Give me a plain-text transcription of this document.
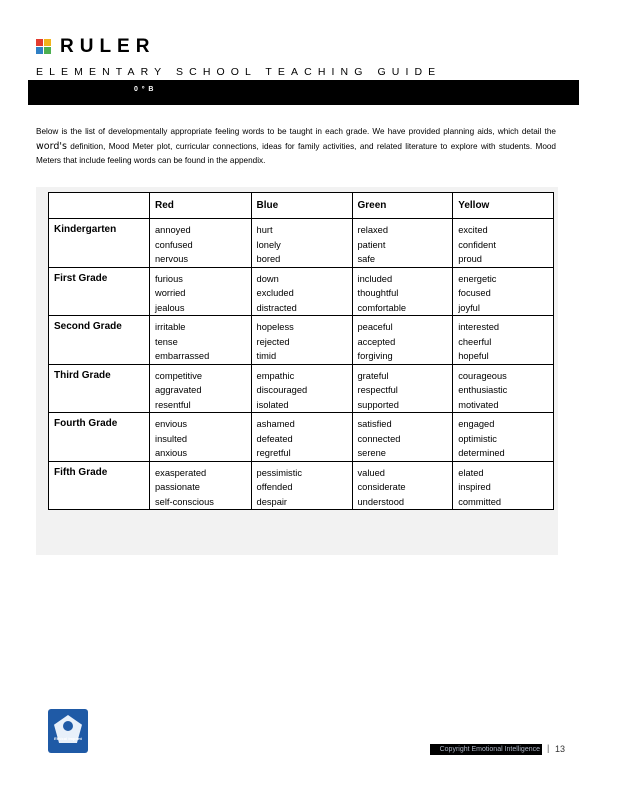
RULER
ELEMENTARY SCHOOL TEACHING GUIDE
0 º B

Below is the list of developmentally appropriate feeling words to be taught in each grade. We have provided planning aids, which detail the word's definition, Mood Meter plot, curricular connections, ideas for family activities, and related literature to explore with students. Mood Meters that include feeling words can be found in the appendix.

	Red	Blue	Green	Yellow
Kindergarten	annoyed
confused
nervous	hurt
lonely
bored	relaxed
patient
safe	excited
confident
proud

First Grade	furious
worried
jealous	down
excluded
distracted	included
thoughtful
comfortable	energetic
focused
joyful

Second Grade	irritable
tense
embarrassed	hopeless
rejected
timid	peaceful
accepted
forgiving	interested
cheerful
hopeful

Third Grade	competitive
aggravated
resentful	empathic
discouraged
isolated	grateful
respectful
supported	courageous
enthusiastic
motivated

Fourth Grade	envious
insulted
anxious	ashamed
defeated
regretful	satisfied
connected
serene	engaged
optimistic
determined

Fifth Grade	exasperated
passionate
self-conscious	pessimistic
offended
despair	valued
considerate
understood	elated
inspired
committed
Ethical Imprint
Copyright Emotional Intelligence | 13
